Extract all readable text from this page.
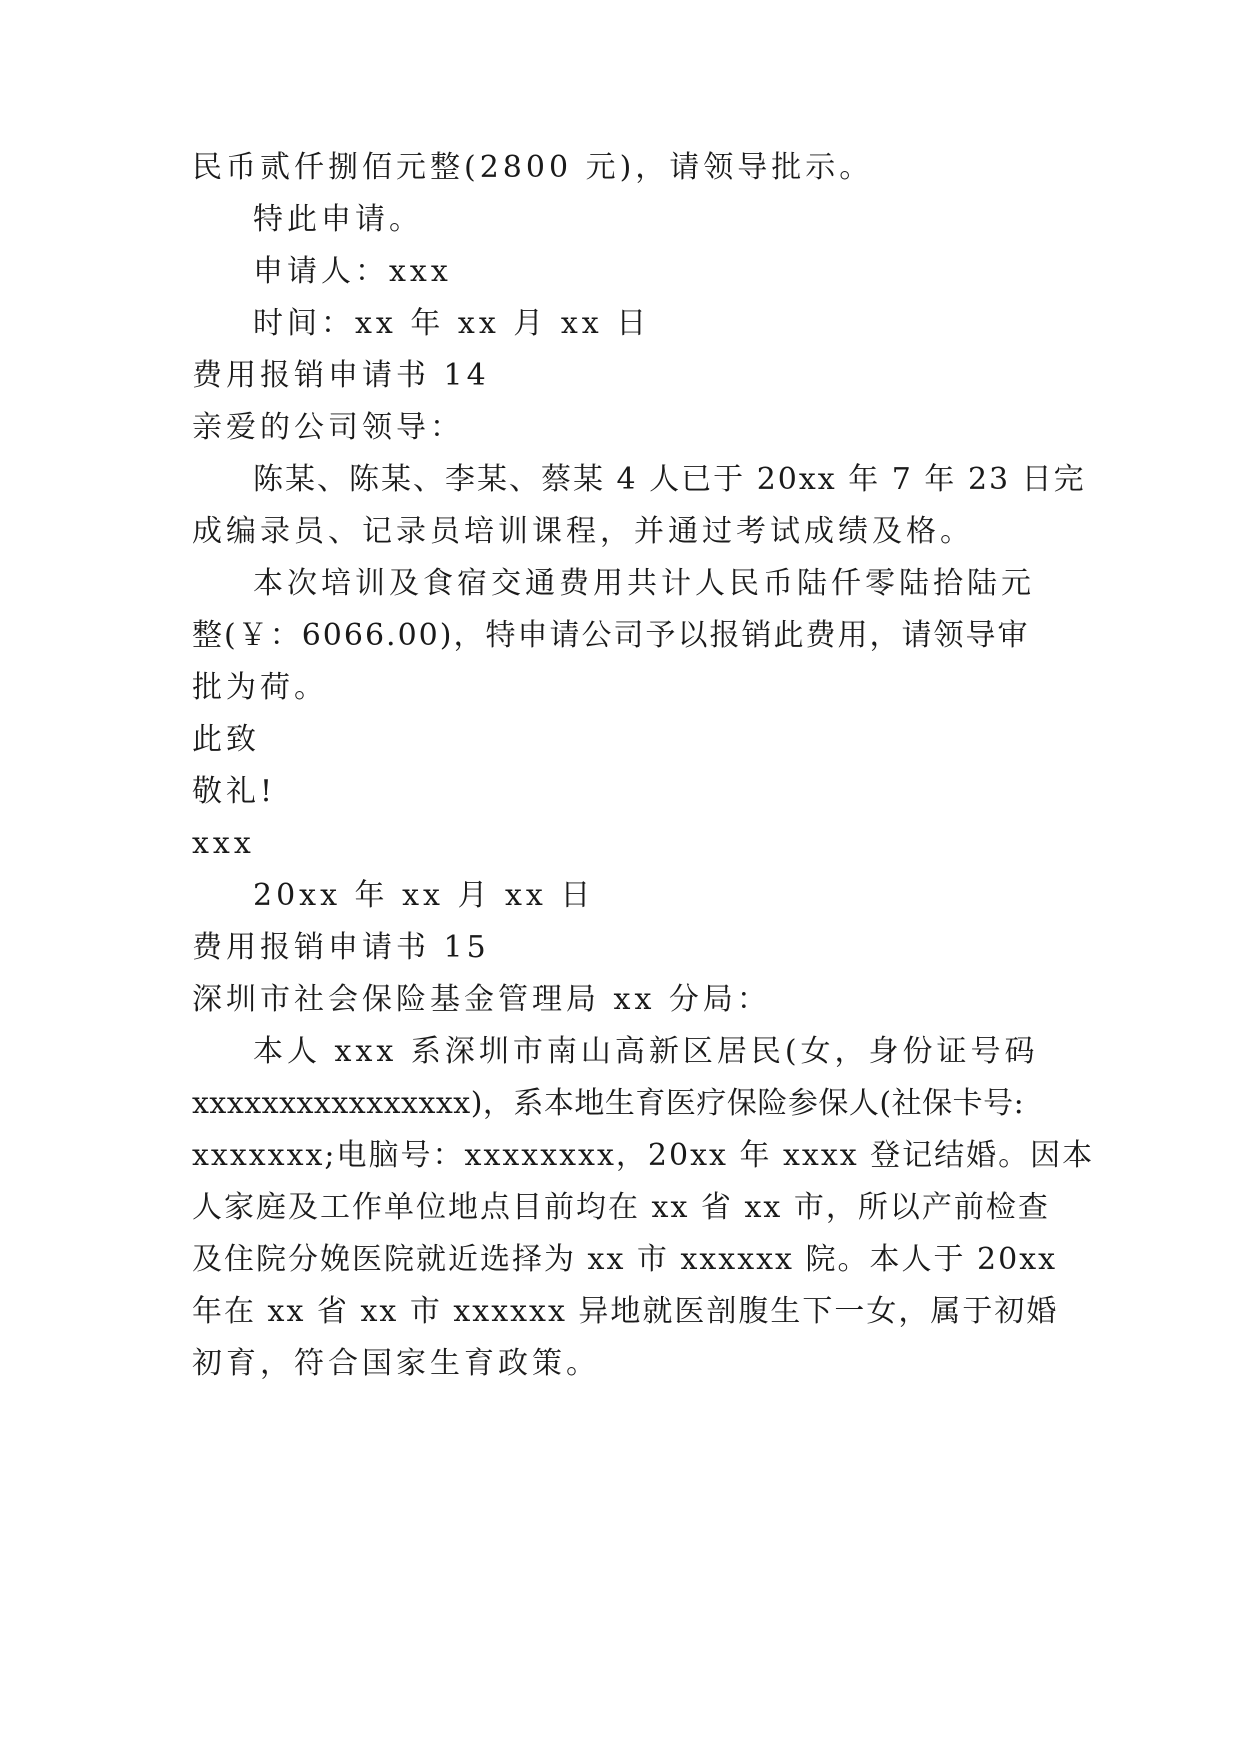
民币贰仟捌佰元整(2800 元)，请领导批示。
特此申请。
申请人：xxx
时间：xx 年 xx 月 xx 日
费用报销申请书 14
亲爱的公司领导：
陈某、陈某、李某、蔡某 4 人已于 20xx 年 7 年 23 日完
成编录员、记录员培训课程，并通过考试成绩及格。
本次培训及食宿交通费用共计人民币陆仟零陆拾陆元
整(￥：6066.00)，特申请公司予以报销此费用，请领导审
批为荷。
此致
敬礼!
xxx
20xx 年 xx 月 xx 日
费用报销申请书 15
深圳市社会保险基金管理局 xx 分局：
本人 xxx 系深圳市南山高新区居民(女，身份证号码
xxxxxxxxxxxxxxxx)，系本地生育医疗保险参保人(社保卡号:
xxxxxxx;电脑号：xxxxxxxx，20xx 年 xxxx 登记结婚。因本
人家庭及工作单位地点目前均在 xx 省 xx 市，所以产前检查
及住院分娩医院就近选择为 xx 市 xxxxxx 院。本人于 20xx
年在 xx 省 xx 市 xxxxxx 异地就医剖腹生下一女，属于初婚
初育，符合国家生育政策。
